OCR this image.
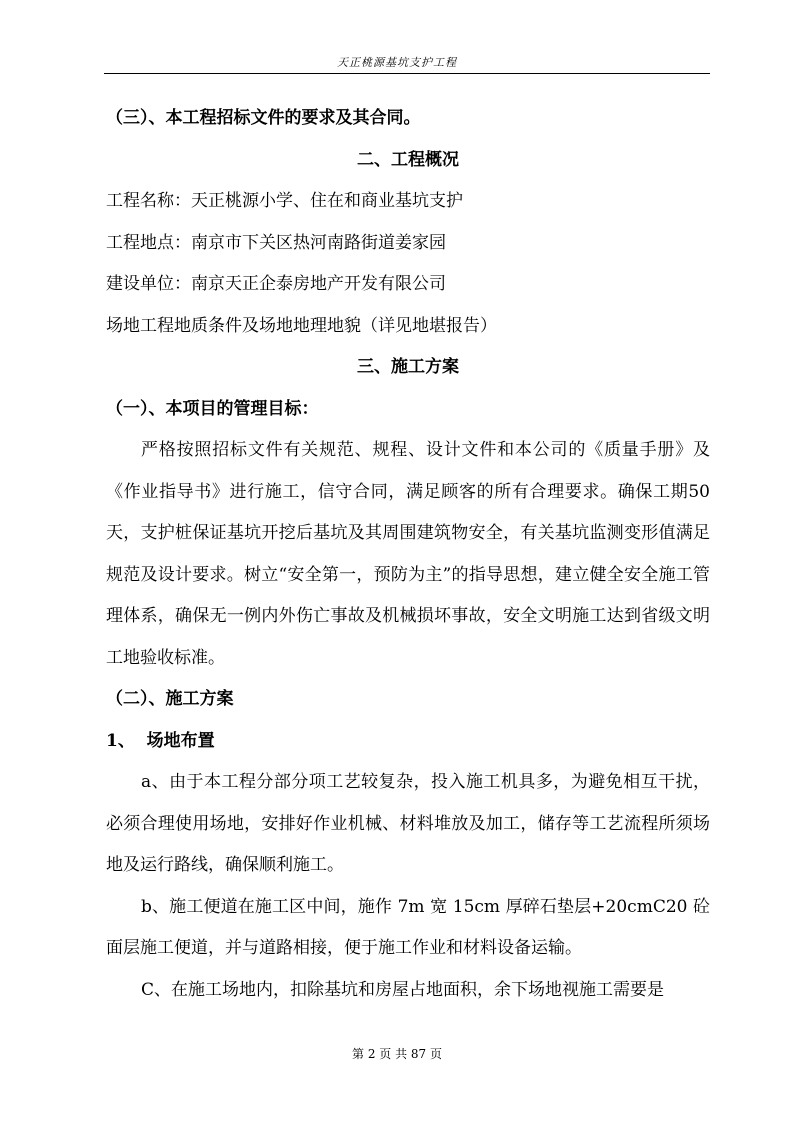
天正桃源基坑支护工程
（三）、本工程招标文件的要求及其合同。
二、工程概况
工程名称：天正桃源小学、住在和商业基坑支护
工程地点：南京市下关区热河南路街道姜家园
建设单位：南京天正企泰房地产开发有限公司
场地工程地质条件及场地地理地貌（详见地堪报告）
三、施工方案
（一）、本项目的管理目标：
严格按照招标文件有关规范、规程、设计文件和本公司的《质量手册》及《作业指导书》进行施工，信守合同，满足顾客的所有合理要求。确保工期50天，支护桩保证基坑开挖后基坑及其周围建筑物安全，有关基坑监测变形值满足规范及设计要求。树立“安全第一，预防为主”的指导思想，建立健全安全施工管理体系，确保无一例内外伤亡事故及机械损坏事故，安全文明施工达到省级文明工地验收标准。
（二）、施工方案
1、  场地布置
a、由于本工程分部分项工艺较复杂，投入施工机具多，为避免相互干扰，必须合理使用场地，安排好作业机械、材料堆放及加工，储存等工艺流程所须场地及运行路线，确保顺利施工。
b、施工便道在施工区中间，施作 7m 宽 15cm 厚碎石垫层+20cmC20 砼面层施工便道，并与道路相接，便于施工作业和材料设备运输。
C、在施工场地内，扣除基坑和房屋占地面积，余下场地视施工需要是
第 2 页 共 87 页
